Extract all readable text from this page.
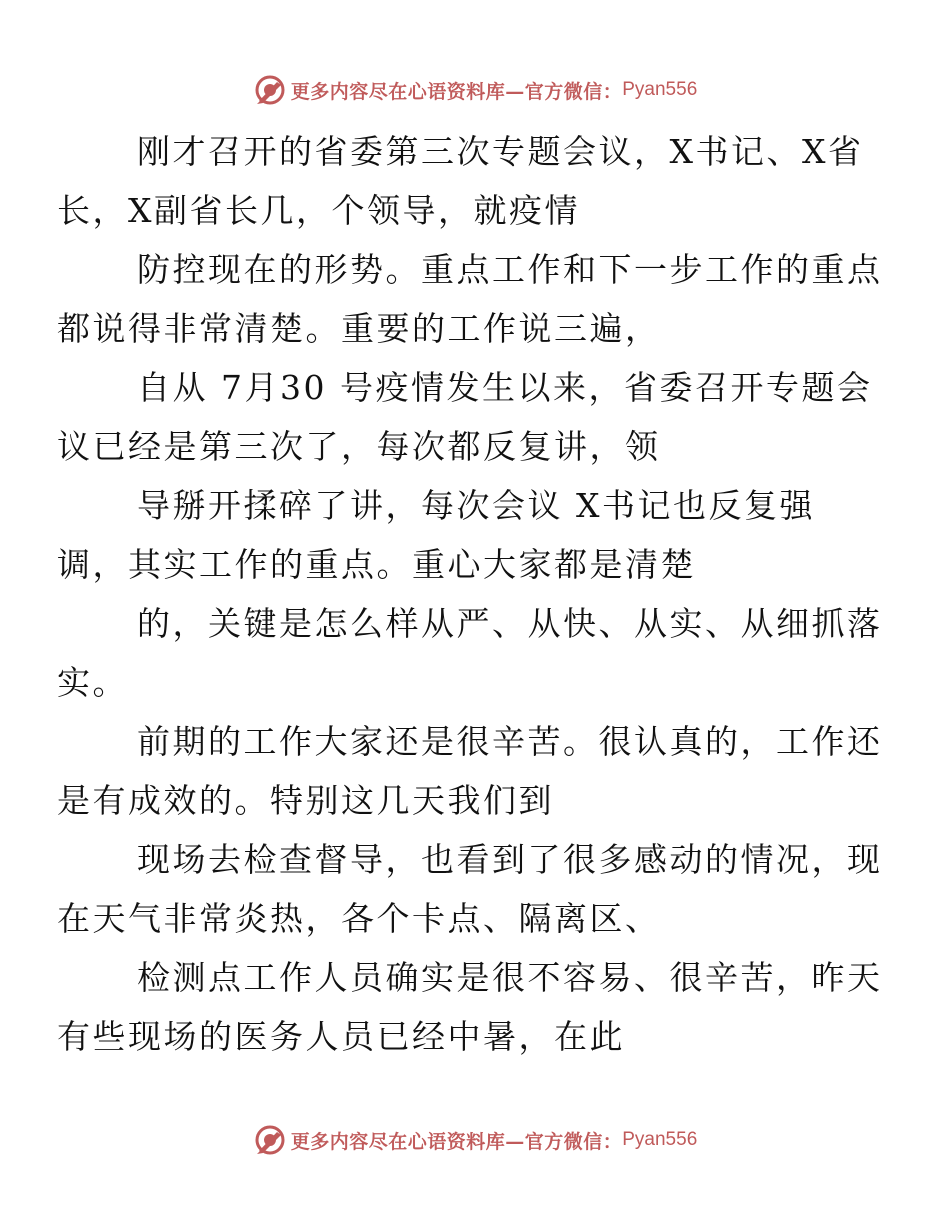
更多内容尽在心语资料库—官方微信： Pyan556

刚才召开的省委第三次专题会议，X书记、X省
长，X副省长几，个领导，就疫情

防控现在的形势。重点工作和下一步工作的重点
都说得非常清楚。重要的工作说三遍，

自从 7月30 号疫情发生以来，省委召开专题会
议已经是第三次了，每次都反复讲，领

导掰开揉碎了讲，每次会议 X书记也反复强
调，其实工作的重点。重心大家都是清楚

的，关键是怎么样从严、从快、从实、从细抓落
实。

前期的工作大家还是很辛苦。很认真的，工作还
是有成效的。特别这几天我们到

现场去检查督导，也看到了很多感动的情况，现
在天气非常炎热，各个卡点、隔离区、

检测点工作人员确实是很不容易、很辛苦，昨天
有些现场的医务人员已经中暑，在此

更多内容尽在心语资料库—官方微信： Pyan556
